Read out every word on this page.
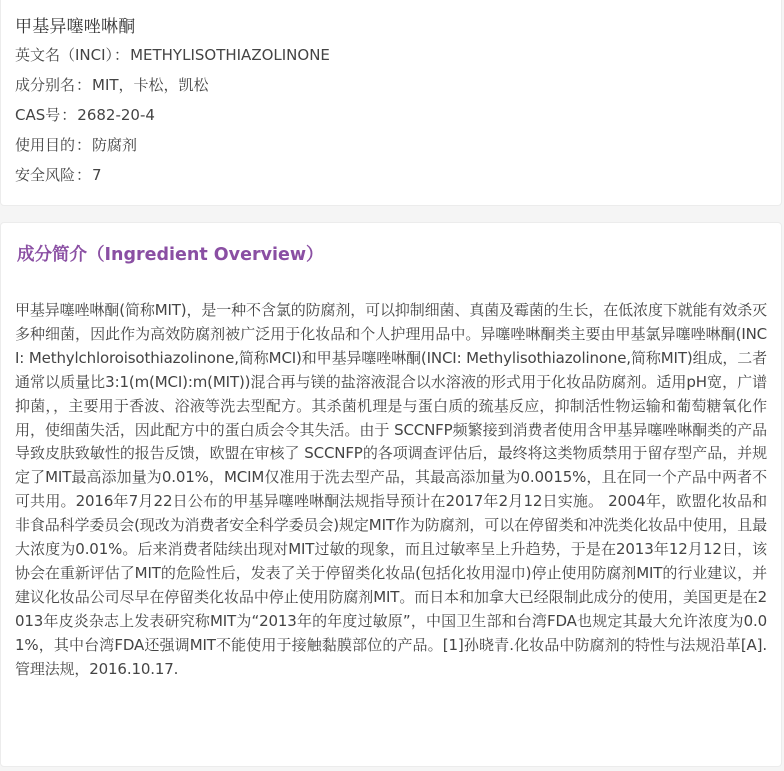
甲基异噻唑啉酮
英文名（INCI）：METHYLISOTHIAZOLINONE
成分别名：MIT，卡松，凯松
CAS号：2682-20-4
使用目的：防腐剂
安全风险：7
成分简介（Ingredient Overview）

甲基异噻唑啉酮(简称MIT)，是一种不含氯的防腐剂，可以抑制细菌、真菌及霉菌的生长，在低浓度下就能有效杀灭多种细菌，因此作为高效防腐剂被广泛用于化妆品和个人护理用品中。异噻唑啉酮类主要由甲基氯异噻唑啉酮(INCI: Methylchloroisothiazolinone,简称MCI)和甲基异噻唑啉酮(INCI: Methylisothiazolinone,简称MIT)组成，二者通常以质量比3:1(m(MCI):m(MIT))混合再与镁的盐溶液混合以水溶液的形式用于化妆品防腐剂。适用pH宽，广谱抑菌，，主要用于香波、浴液等洗去型配方。其杀菌机理是与蛋白质的巯基反应，抑制活性物运输和葡萄糖氧化作用，使细菌失活，因此配方中的蛋白质会令其失活。由于 SCCNFP频繁接到消费者使用含甲基异噻唑啉酮类的产品导致皮肤致敏性的报告反馈，欧盟在审核了 SCCNFP的各项调查评估后，最终将这类物质禁用于留存型产品，并规定了MIT最高添加量为0.01%，MCIM仅准用于洗去型产品，其最高添加量为0.0015%，且在同一个产品中两者不可共用。2016年7月22日公布的甲基异噻唑啉酮法规指导预计在2017年2月12日实施。 2004年，欧盟化妆品和非食品科学委员会(现改为消费者安全科学委员会)规定MIT作为防腐剂，可以在停留类和冲洗类化妆品中使用，且最大浓度为0.01%。后来消费者陆续出现对MIT过敏的现象，而且过敏率呈上升趋势，于是在2013年12月12日，该协会在重新评估了MIT的危险性后，发表了关于停留类化妆品(包括化妆用湿巾)停止使用防腐剂MIT的行业建议，并建议化妆品公司尽早在停留类化妆品中停止使用防腐剂MIT。而日本和加拿大已经限制此成分的使用，美国更是在2013年皮炎杂志上发表研究称MIT为“2013年的年度过敏原”，中国卫生部和台湾FDA也规定其最大允许浓度为0.01%，其中台湾FDA还强调MIT不能使用于接触黏膜部位的产品。[1]孙晓青.化妆品中防腐剂的特性与法规沿革[A].管理法规，2016.10.17.
